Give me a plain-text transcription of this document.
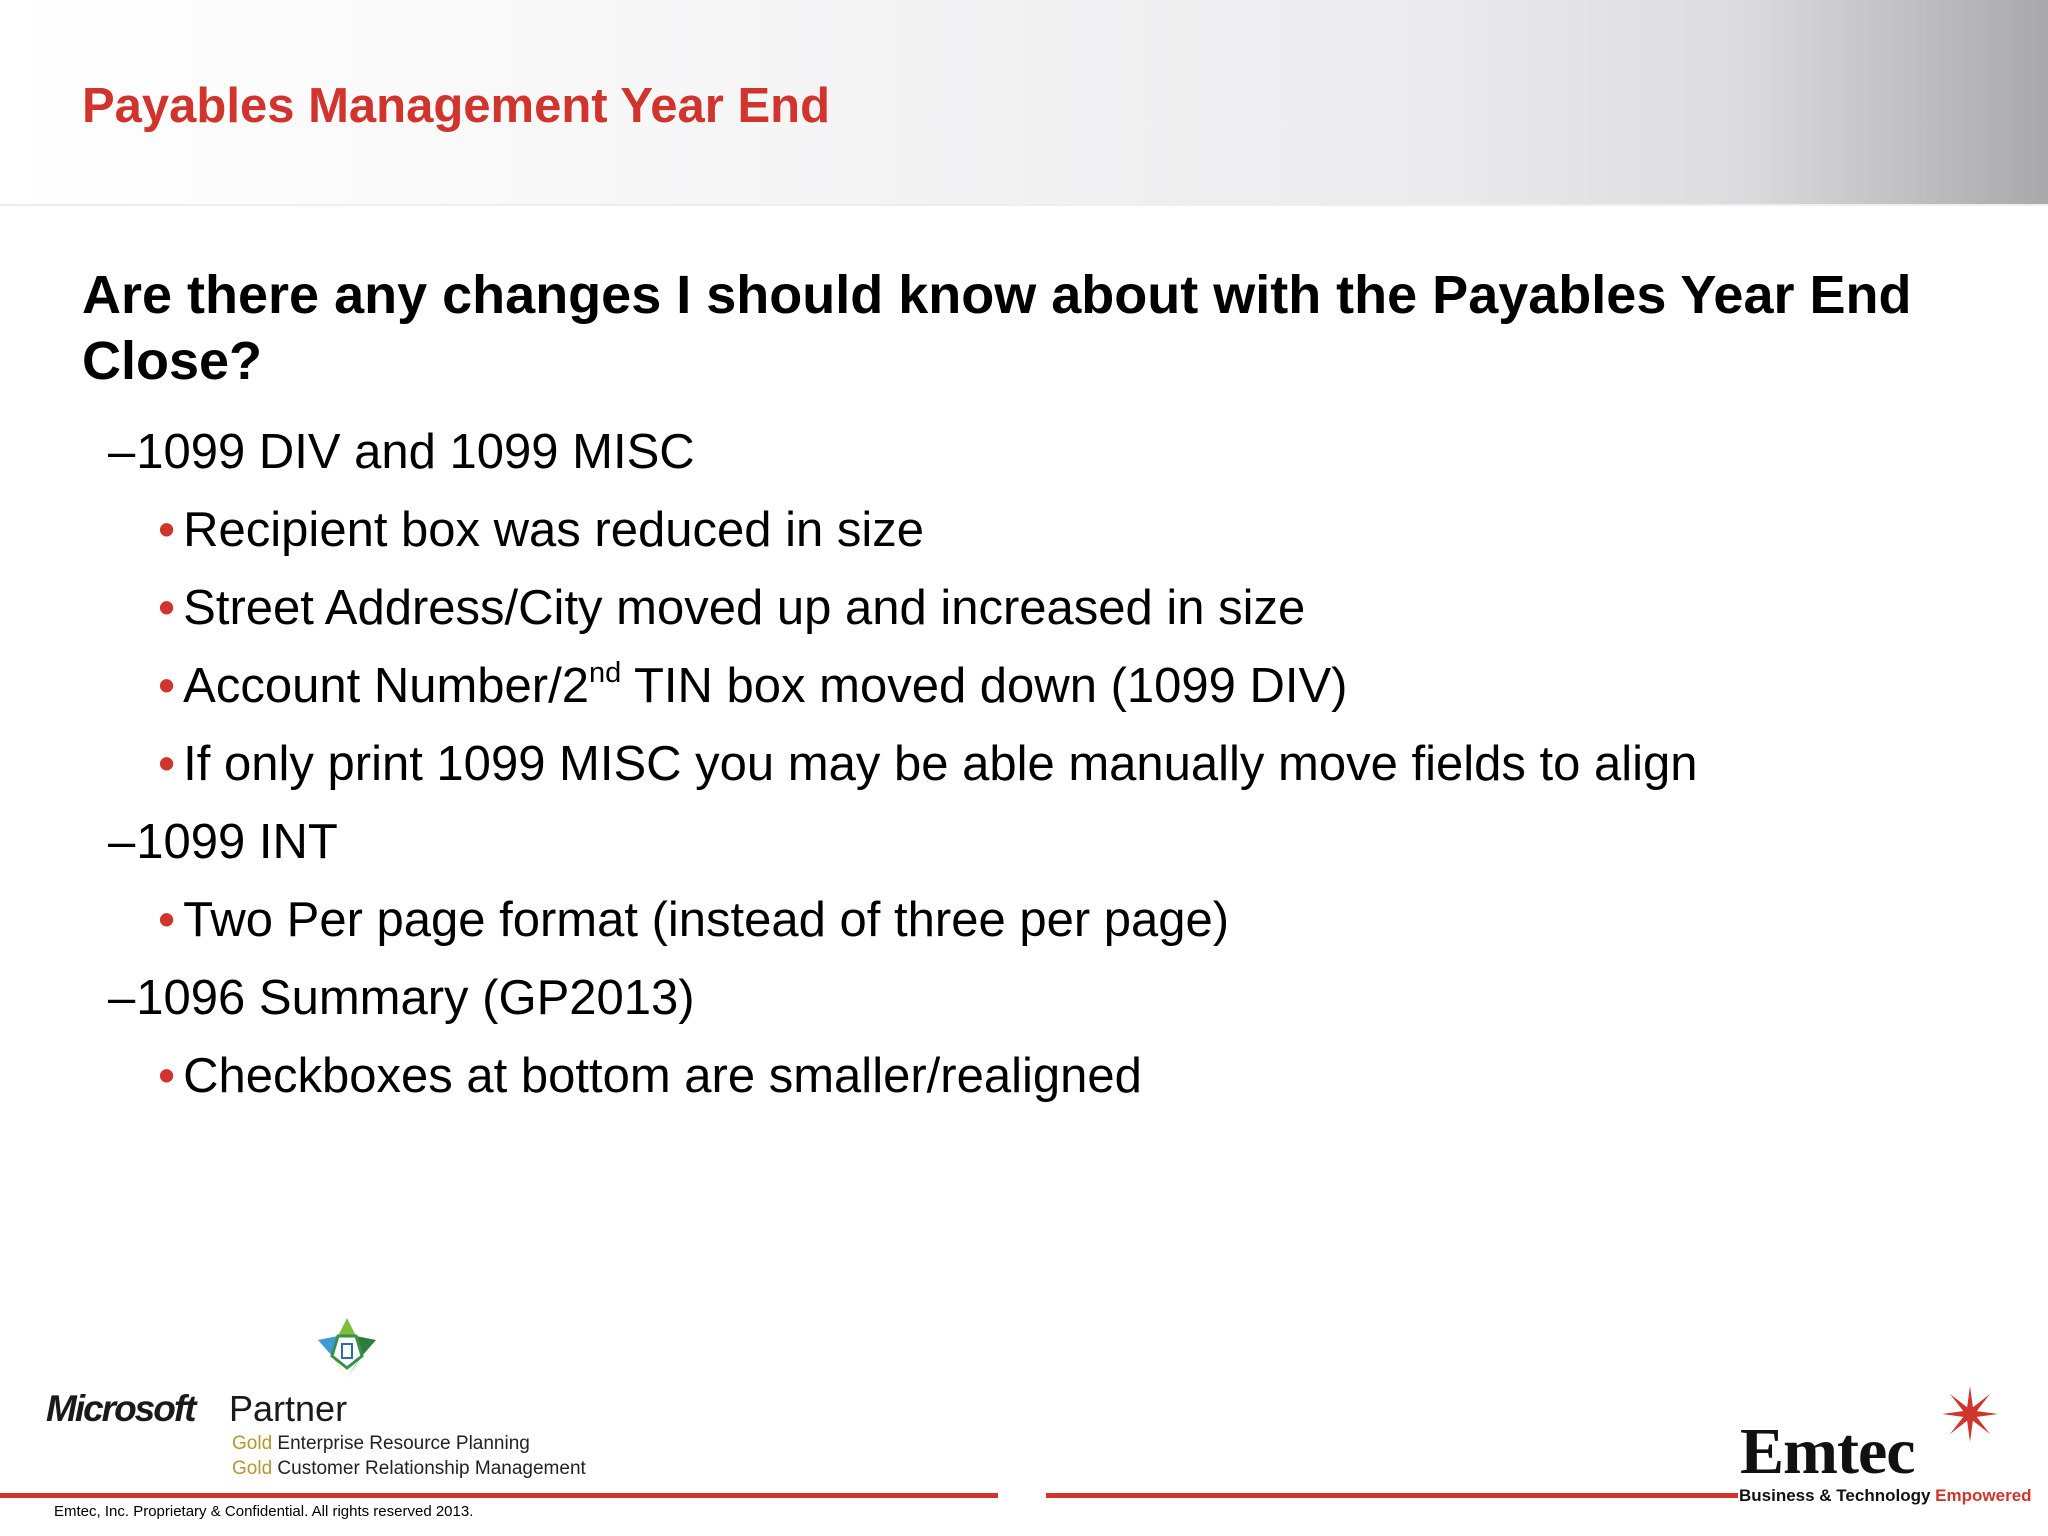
Payables Management Year End
Are there any changes I should know about with the Payables Year End Close?
–1099 DIV and 1099 MISC
• Recipient box was reduced in size
• Street Address/City moved up and increased in size
• Account Number/2nd TIN box moved down (1099 DIV)
• If only print 1099 MISC you may be able manually move fields to align
–1099 INT
• Two Per page format (instead of three per page)
–1096 Summary (GP2013)
• Checkboxes at bottom are smaller/realigned
Microsoft Partner
Gold Enterprise Resource Planning
Gold Customer Relationship Management
Emtec, Inc. Proprietary & Confidential. All rights reserved 2013.
Emtec
Business & Technology Empowered
